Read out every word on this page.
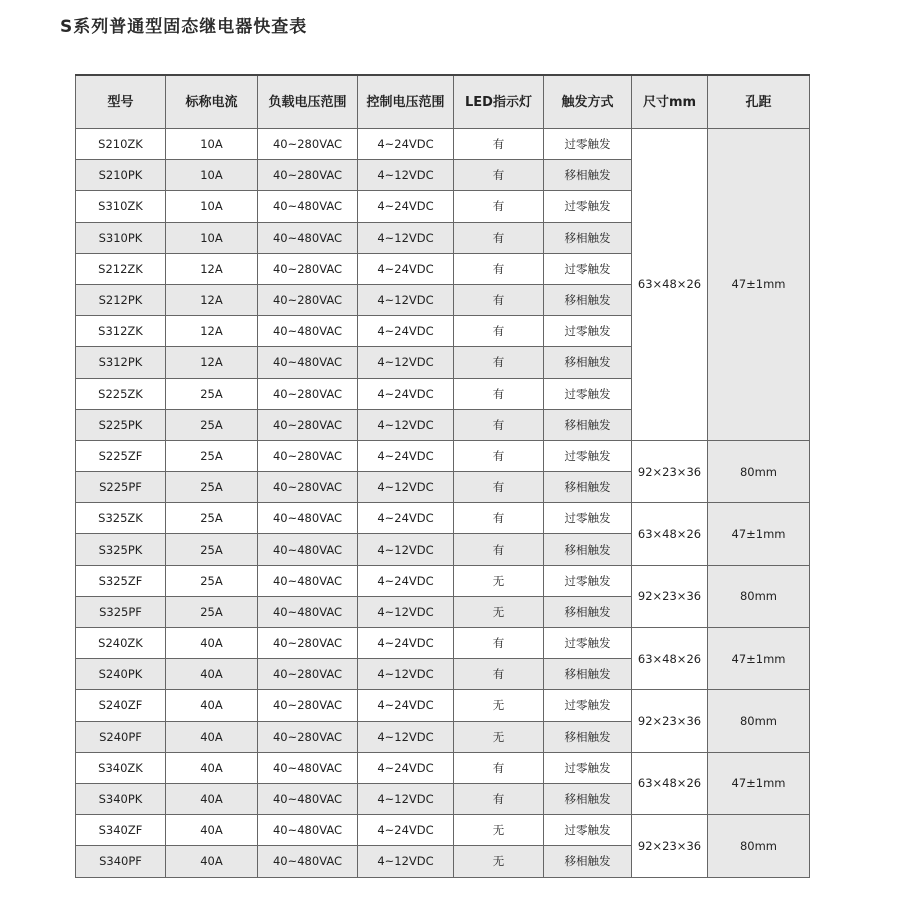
S系列普通型固态继电器快查表
型号	标称电流	负载电压范围	控制电压范围	LED指示灯	触发方式	尺寸mm	孔距
S210ZK	10A	40~280VAC	4~24VDC	有	过零触发	63×48×26	47±1mm
S210PK	10A	40~280VAC	4~12VDC	有	移相触发		
S310ZK	10A	40~480VAC	4~24VDC	有	过零触发		
S310PK	10A	40~480VAC	4~12VDC	有	移相触发		
S212ZK	12A	40~280VAC	4~24VDC	有	过零触发		
S212PK	12A	40~280VAC	4~12VDC	有	移相触发		
S312ZK	12A	40~480VAC	4~24VDC	有	过零触发		
S312PK	12A	40~480VAC	4~12VDC	有	移相触发		
S225ZK	25A	40~280VAC	4~24VDC	有	过零触发		
S225PK	25A	40~280VAC	4~12VDC	有	移相触发		
S225ZF	25A	40~280VAC	4~24VDC	有	过零触发	92×23×36	80mm
S225PF	25A	40~280VAC	4~12VDC	有	移相触发		
S325ZK	25A	40~480VAC	4~24VDC	有	过零触发	63×48×26	47±1mm
S325PK	25A	40~480VAC	4~12VDC	有	移相触发		
S325ZF	25A	40~480VAC	4~24VDC	无	过零触发	92×23×36	80mm
S325PF	25A	40~480VAC	4~12VDC	无	移相触发		
S240ZK	40A	40~280VAC	4~24VDC	有	过零触发	63×48×26	47±1mm
S240PK	40A	40~280VAC	4~12VDC	有	移相触发		
S240ZF	40A	40~280VAC	4~24VDC	无	过零触发	92×23×36	80mm
S240PF	40A	40~280VAC	4~12VDC	无	移相触发		
S340ZK	40A	40~480VAC	4~24VDC	有	过零触发	63×48×26	47±1mm
S340PK	40A	40~480VAC	4~12VDC	有	移相触发		
S340ZF	40A	40~480VAC	4~24VDC	无	过零触发	92×23×36	80mm
S340PF	40A	40~480VAC	4~12VDC	无	移相触发		
